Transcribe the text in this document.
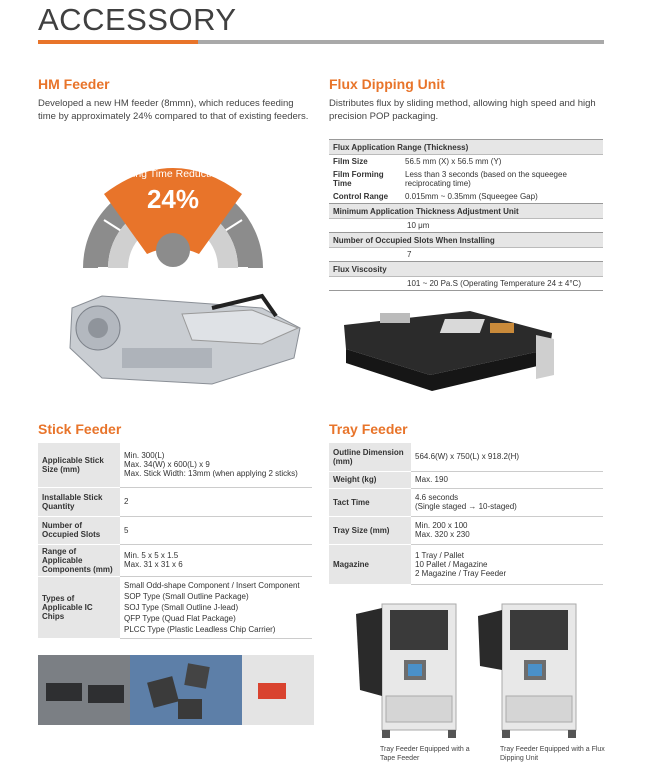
ACCESSORY
HM Feeder
Developed a new HM feeder (8mmn), which reduces feeding time by approximately 24% compared to that of existing feeders.
Feeding Time Reduction by
24%
Flux Dipping Unit
Distributes flux by sliding method, allowing high speed and high precision POP packaging.
Flux Application Range (Thickness)	
Film Size	56.5 mm (X) x 56.5 mm (Y)
Film Forming Time	Less than 3 seconds (based on the squeegee reciprocating time)
Control Range	0.015mm ~ 0.35mm (Squeegee Gap)
Minimum Application Thickness Adjustment Unit	
10 μm	
Number of Occupied Slots When Installing	
7	
Flux Viscosity	
101 ~ 20 Pa.S (Operating Temperature 24 ± 4°C)	
Stick Feeder
Applicable Stick Size (mm)	Min. 300(L)
Max. 34(W) x 600(L) x 9
Max. Stick Width: 13mm (when applying 2 sticks)

Installable Stick Quantity	2
Number of Occupied Slots	5
Range of Applicable Components (mm)	Min. 5 x 5 x 1.5
Max. 31 x 31 x 6

Types of Applicable IC Chips	Small Odd-shape Component / Insert Component
SOP Type (Small Outline Package)
SOJ Type (Small Outline J-lead)
QFP Type (Quad Flat Package)
PLCC Type (Plastic Leadless Chip Carrier)
Tray Feeder
Outline Dimension (mm)	564.6(W) x 750(L) x 918.2(H)
Weight (kg)	Max. 190
Tact Time	4.6 seconds
(Single staged → 10-staged)

Tray Size (mm)	Min. 200 x 100
Max. 320 x 230

Magazine	1 Tray / Pallet
10 Pallet / Magazine
2 Magazine / Tray Feeder
Tray Feeder Equipped with a Tape Feeder
Tray Feeder Equipped with a Flux Dipping Unit
